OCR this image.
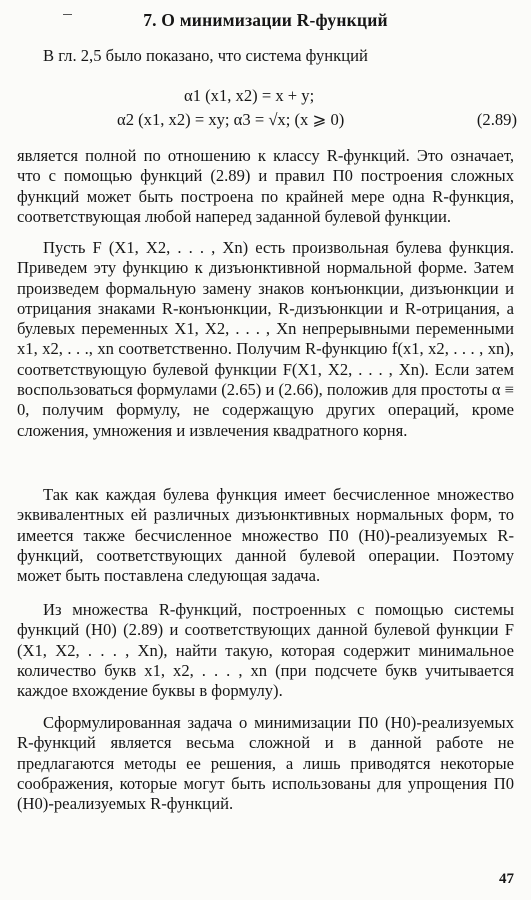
7. О минимизации R-функций
В гл. 2,5 было показано, что система функций
α1 (x1, x2) = x + y;
α2 (x1, x2) = xy; α3 = √x; (x ⩾ 0)	(2.89)
является полной по отношению к классу R-функций. Это означает, что с помощью функций (2.89) и правил П0 построения сложных функций может быть построена по крайней мере одна R-функция, соответствующая любой наперед заданной булевой функции.
Пусть F (X1, X2, . . . , Xn) есть произвольная булева функция. Приведем эту функцию к дизъюнктивной нормальной форме. Затем произведем формальную замену знаков конъюнкции, дизъюнкции и отрицания знаками R-конъюнкции, R-дизъюнкции и R-отрицания, а булевых переменных X1, X2, . . . , Xn непрерывными переменными x1, x2, . . ., xn соответственно. Получим R-функцию f(x1, x2, . . . , xn), соответствующую булевой функции F(X1, X2, . . . , Xn). Если затем воспользоваться формулами (2.65) и (2.66), положив для простоты α ≡ 0, получим формулу, не содержащую других операций, кроме сложения, умножения и извлечения квадратного корня.
Так как каждая булева функция имеет бесчисленное множество эквивалентных ей различных дизъюнктивных нормальных форм, то имеется также бесчисленное множество П0 (H0)-реализуемых R-функций, соответствующих данной булевой операции. Поэтому может быть поставлена следующая задача.
Из множества R-функций, построенных с помощью системы функций (H0) (2.89) и соответствующих данной булевой функции F (X1, X2, . . . , Xn), найти такую, которая содержит минимальное количество букв x1, x2, . . . , xn (при подсчете букв учитывается каждое вхождение буквы в формулу).
Сформулированная задача о минимизации П0 (H0)-реализуемых R-функций является весьма сложной и в данной работе не предлагаются методы ее решения, а лишь приводятся некоторые соображения, которые могут быть использованы для упрощения П0 (H0)-реализуемых R-функций.
47
